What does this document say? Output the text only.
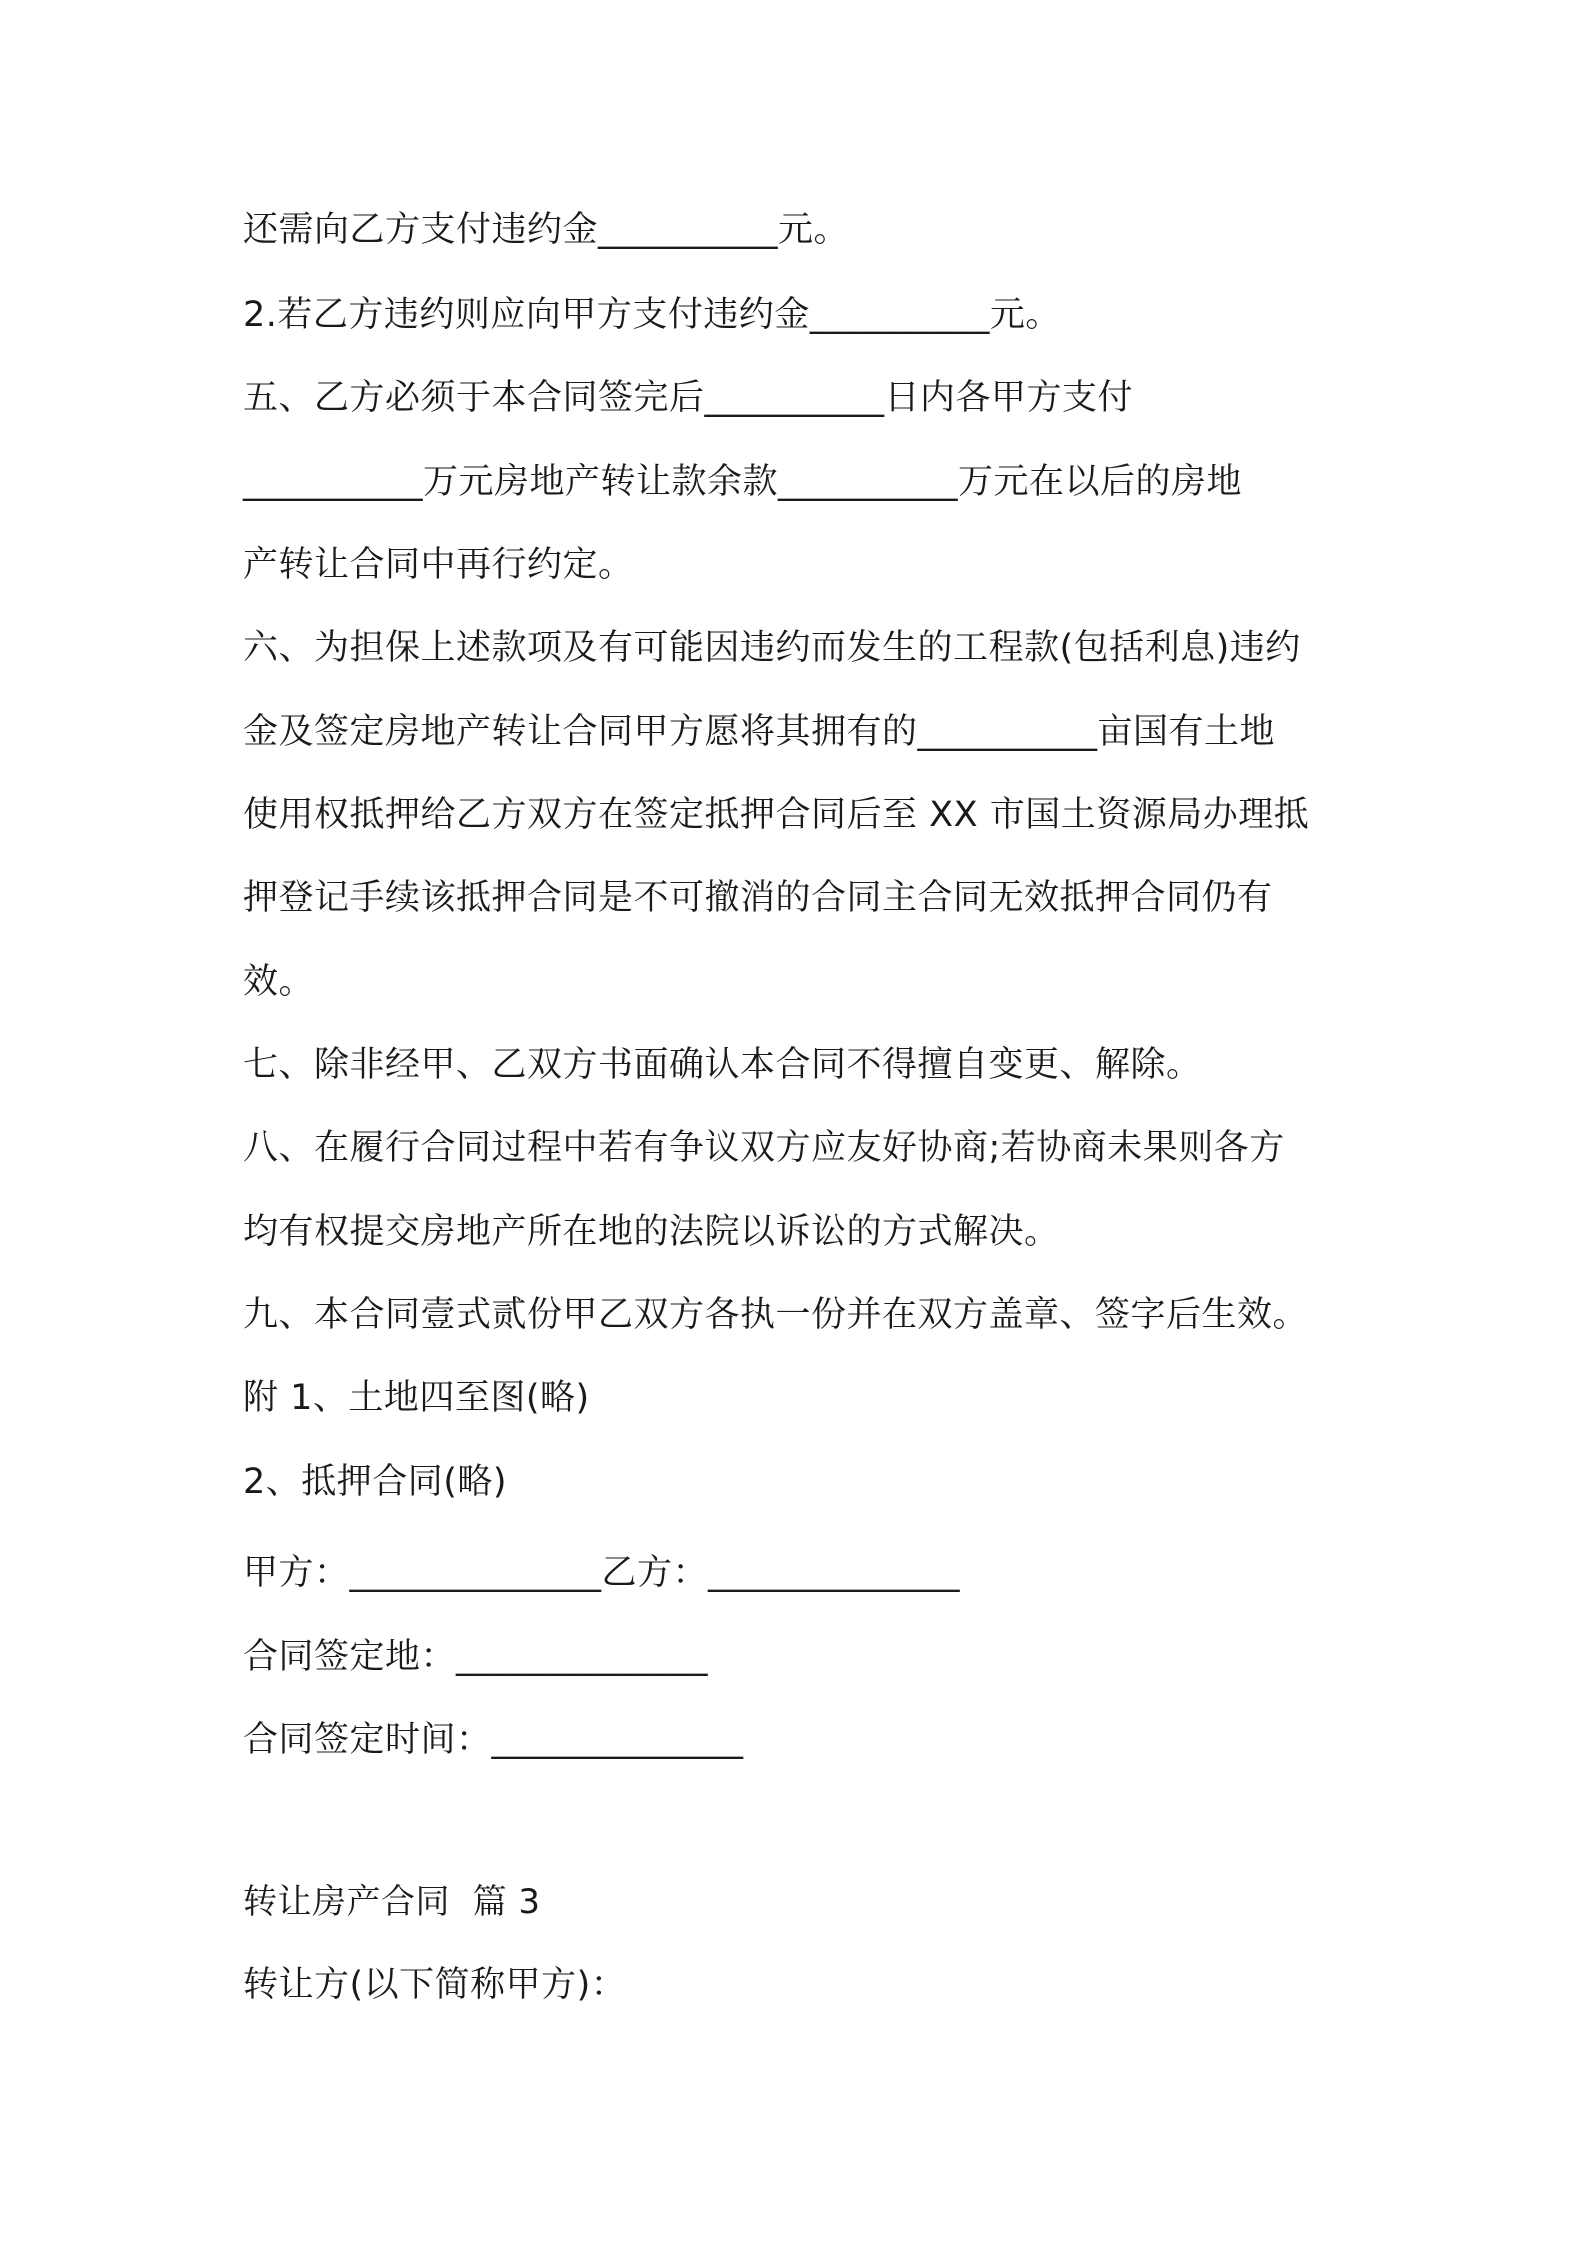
还需向乙方支付违约金__________元。
2.若乙方违约则应向甲方支付违约金__________元。
五、乙方必须于本合同签完后__________日内各甲方支付
__________万元房地产转让款余款__________万元在以后的房地
产转让合同中再行约定。
六、为担保上述款项及有可能因违约而发生的工程款(包括利息)违约
金及签定房地产转让合同甲方愿将其拥有的__________亩国有土地
使用权抵押给乙方双方在签定抵押合同后至 XX 市国土资源局办理抵
押登记手续该抵押合同是不可撤消的合同主合同无效抵押合同仍有
效。
七、除非经甲、乙双方书面确认本合同不得擅自变更、解除。
八、在履行合同过程中若有争议双方应友好协商;若协商未果则各方
均有权提交房地产所在地的法院以诉讼的方式解决。
九、本合同壹式贰份甲乙双方各执一份并在双方盖章、签字后生效。
附 1、土地四至图(略)
2、抵押合同(略)
甲方：______________乙方：______________
合同签定地：______________
合同签定时间：______________
转让房产合同  篇 3
转让方(以下简称甲方)：
